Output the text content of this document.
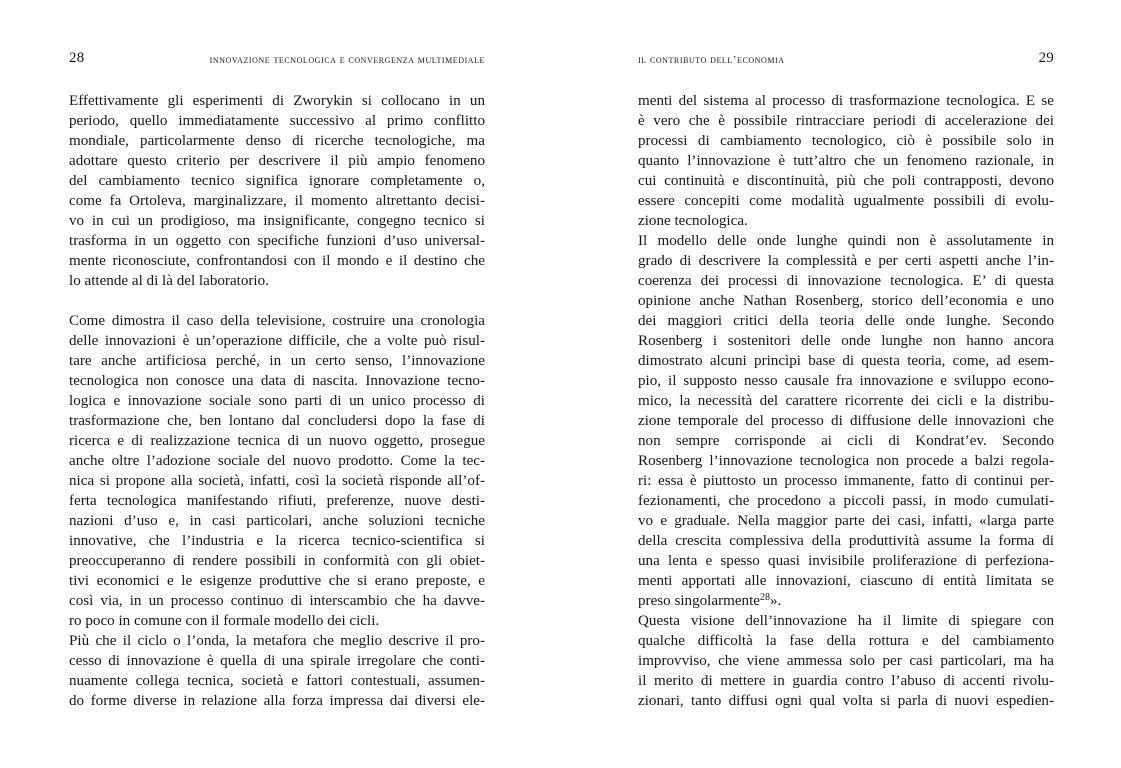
28	innovazione tecnologica e convergenza multimediale
Effettivamente gli esperimenti di Zworykin si collocano in un
periodo, quello immediatamente successivo al primo conflitto
mondiale, particolarmente denso di ricerche tecnologiche, ma
adottare questo criterio per descrivere il più ampio fenomeno
del cambiamento tecnico significa ignorare completamente o,
come fa Ortoleva, marginalizzare, il momento altrettanto decisi-
vo in cui un prodigioso, ma insignificante, congegno tecnico si
trasforma in un oggetto con specifiche funzioni d’uso universal-
mente riconosciute, confrontandosi con il mondo e il destino che
lo attende al di là del laboratorio.
Come dimostra il caso della televisione, costruire una cronologia
delle innovazioni è un’operazione difficile, che a volte può risul-
tare anche artificiosa perché, in un certo senso, l’innovazione
tecnologica non conosce una data di nascita. Innovazione tecno-
logica e innovazione sociale sono parti di un unico processo di
trasformazione che, ben lontano dal concludersi dopo la fase di
ricerca e di realizzazione tecnica di un nuovo oggetto, prosegue
anche oltre l’adozione sociale del nuovo prodotto. Come la tec-
nica si propone alla società, infatti, così la società risponde all’of-
ferta tecnologica manifestando rifiuti, preferenze, nuove desti-
nazioni d’uso e, in casi particolari, anche soluzioni tecniche
innovative, che l’industria e la ricerca tecnico-scientifica si
preoccuperanno di rendere possibili in conformità con gli obiet-
tivi economici e le esigenze produttive che si erano preposte, e
così via, in un processo continuo di interscambio che ha davve-
ro poco in comune con il formale modello dei cicli.
Più che il ciclo o l’onda, la metafora che meglio descrive il pro-
cesso di innovazione è quella di una spirale irregolare che conti-
nuamente collega tecnica, società e fattori contestuali, assumen-
do forme diverse in relazione alla forza impressa dai diversi ele-
il contributo dell’economia	29
menti del sistema al processo di trasformazione tecnologica. E se
è vero che è possibile rintracciare periodi di accelerazione dei
processi di cambiamento tecnologico, ciò è possibile solo in
quanto l’innovazione è tutt’altro che un fenomeno razionale, in
cui continuità e discontinuità, più che poli contrapposti, devono
essere concepiti come modalità ugualmente possibili di evolu-
zione tecnologica.
Il modello delle onde lunghe quindi non è assolutamente in
grado di descrivere la complessità e per certi aspetti anche l’in-
coerenza dei processi di innovazione tecnologica. E’ di questa
opinione anche Nathan Rosenberg, storico dell’economia e uno
dei maggiori critici della teoria delle onde lunghe. Secondo
Rosenberg i sostenitori delle onde lunghe non hanno ancora
dimostrato alcuni princìpi base di questa teoria, come, ad esem-
pio, il supposto nesso causale fra innovazione e sviluppo econo-
mico, la necessità del carattere ricorrente dei cicli e la distribu-
zione temporale del processo di diffusione delle innovazioni che
non sempre corrisponde ai cicli di Kondrat’ev. Secondo
Rosenberg l’innovazione tecnologica non procede a balzi regola-
ri: essa è piuttosto un processo immanente, fatto di continui per-
fezionamenti, che procedono a piccoli passi, in modo cumulati-
vo e graduale. Nella maggior parte dei casi, infatti, «larga parte
della crescita complessiva della produttività assume la forma di
una lenta e spesso quasi invisibile proliferazione di perfeziona-
menti apportati alle innovazioni, ciascuno di entità limitata se
preso singolarmente$^{28}$».
Questa visione dell’innovazione ha il limite di spiegare con
qualche difficoltà la fase della rottura e del cambiamento
improvviso, che viene ammessa solo per casi particolari, ma ha
il merito di mettere in guardia contro l’abuso di accenti rivolu-
zionari, tanto diffusi ogni qual volta si parla di nuovi espedien-
